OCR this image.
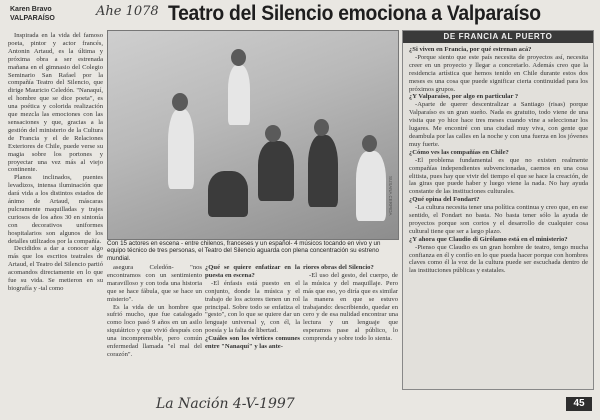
Ahe 1078
La Nación 4-V-1997
Karen Bravo
VALPARAÍSO	Teatro del Silencio emociona a Valparaíso

Inspirada en la vida del famoso poeta, pintor y actor francés, Antonin Artaud, es la última y próxima obra a ser estrenada mañana en el gimnasio del Colegio Seminario San Rafael por la compañía Teatro del Silencio, que dirige Mauricio Celedón. "Nanaquí, el hombre que se dice poeta", es una poética y colorida realización que mezcla las emociones con las sensaciones y que, gracias a la gestión del ministerio de la Cultura de Francia y el de Relaciones Exteriores de Chile, puede verse su magia sobre los portones y proyectar una vez más al viejo continente.

Planos inclinados, puentes levadizos, intensa iluminación que dará vida a los distintos estados de ánimo de Artaud, máscaras pulcramente maquilladas y trajes curiosos de los años 30 en sintonía con decorativos uniformes hospitalarios son algunos de los detalles utilizados por la compañía.

Decididos a dar a conocer algo más que los escritos teatrales de Artaud, el Teatro del Silencio partió acomandos directamente en lo que fue su vida. Se metieron en su biografía y -tal como

SUSANA CERPIDA
Con 15 actores en escena - entre chilenos, franceses y un español- 4 músicos tocando en vivo y un equipo técnico de tres personas, el Teatro del Silencio aguarda con plena concentración su estreno mundial.

asegura Celedón- "nos encontramos con un sentimiento maravilloso y con toda una historia que se hace fábula, que se hace un misterio".

Es la vida de un hombre que sufrió mucho, que fue catalogado como loco pasó 9 años en un asilo siquiátrico y que vivió después con una incomprensible, pero común enfermedad llamada "el mal del corazón".

¿Qué se quiere enfatizar en la puesta en escena?

-El énfasis está puesto en el conjunto, donde la música y el trabajo de los actores tienen un rol principal. Sobre todo se enfatiza el "gesto", con lo que se quiere dar un lenguaje universal y, con él, la poesía y la falta de libertad.

¿Cuáles son los vértices comunes entre "Nanaquí" y las ante-

riores obras del Silencio?

-El uso del gesto, del cuerpo, de la música y del maquillaje. Pero más que eso, yo diría que es similar la manera en que se estuvo trabajando: describiendo, quedar en cero y de esa nulidad encontrar una lectura y un lenguaje que esperamos pase al público, lo comprenda y sobre todo lo sienta.

DE FRANCIA AL PUERTO

¿Si viven en Francia, por qué estrenan acá?

-Porque siento que este país necesita de proyectos así, necesita creer en un proyecto y llegar a concretarlo. Además creo que la residencia artística que hemos tenido en Chile durante estos dos meses es una cosa que puede significar cierta continuidad para los próximos grupos.

¿Y Valparaíso, por algo en particular ?

-Aparte de querer descentralizar a Santiago (risas) porque Valparaíso es un gran sueño. Nada es gratuito, todo viene de una visita que yo hice hace tres meses cuando vine a seleccionar los lugares. Me encontré con una ciudad muy viva, con gente que deambula por las calles en la noche y con una fuerza en los jóvenes muy fuerte.

¿Cómo ves las compañías en Chile?

-El problema fundamental es que no existen realmente compañías independientes subvencionadas, caemos en una cosa elitista, pues hay que vivir del tiempo el que se hace la creación, de las giras que puede haber y luego viene la nada. No hay ayuda constante de las instituciones culturales.

¿Qué opina del Fondart?

-La cultura necesita tener una política continua y creo que, en ese sentido, el Fondart no basta. No basta tener sólo la ayuda de proyectos porque son cortos y el desarrollo de cualquier cosa cultural tiene que ser a largo plazo.

¿Y ahora que Claudio di Girólamo está en el ministerio?

-Pienso que Claudio es un gran hombre de teatro, tengo mucha confianza en él y confío en lo que pueda hacer porque con hombres claves como él la voz de la cultura puede ser escuchada dentro de las instituciones públicas y estatales.

45
